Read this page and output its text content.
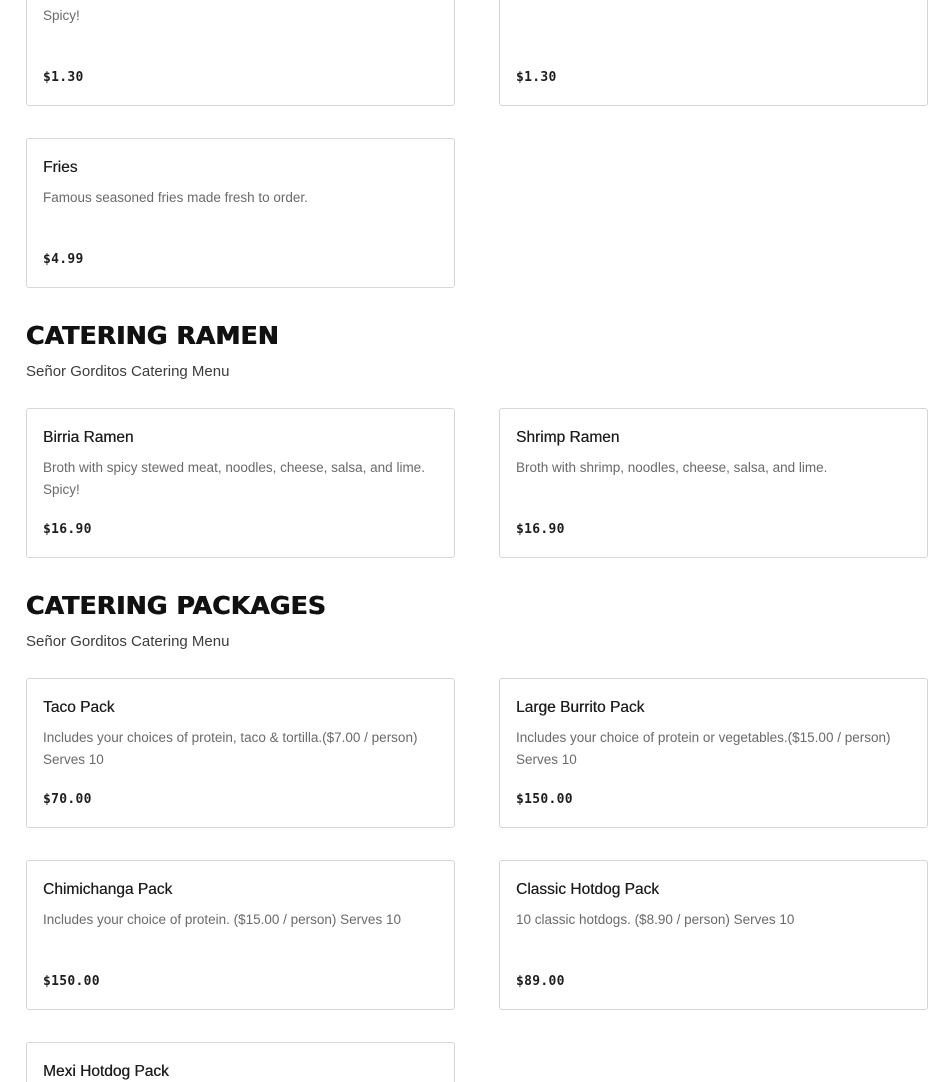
Spicy!
$1.30	$1.30
Fries
Famous seasoned fries made fresh to order.
$4.99
CATERING RAMEN
Señor Gorditos Catering Menu
Birria Ramen
Broth with spicy stewed meat, noodles, cheese, salsa, and lime. Spicy!
$16.90
Shrimp Ramen
Broth with shrimp, noodles, cheese, salsa, and lime.
$16.90
CATERING PACKAGES
Señor Gorditos Catering Menu
Taco Pack
Includes your choices of protein, taco & tortilla.($7.00 / person) Serves 10
$70.00
Large Burrito Pack
Includes your choice of protein or vegetables.($15.00 / person) Serves 10
$150.00
Chimichanga Pack
Includes your choice of protein. ($15.00 / person) Serves 10
$150.00
Classic Hotdog Pack
10 classic hotdogs. ($8.90 / person) Serves 10
$89.00
Mexi Hotdog Pack
